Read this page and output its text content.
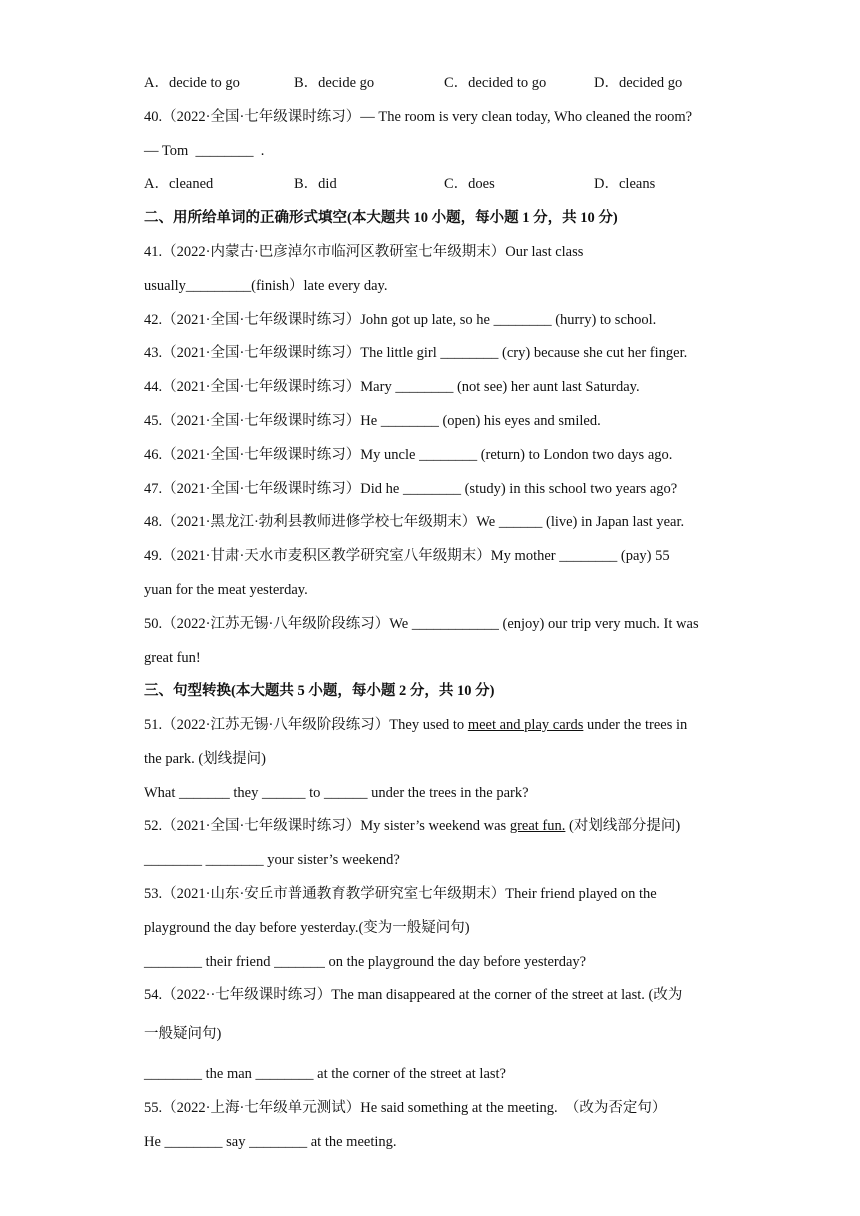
A．decide to go	B．decide go	C．decided to go	D．decided go
40.（2022·全国·七年级课时练习）— The room is very clean today, Who cleaned the room?
— Tom  ________  .
A．cleaned	B．did	C．does	D．cleans
二、用所给单词的正确形式填空(本大题共 10 小题，每小题 1 分，共 10 分)
41.（2022·内蒙古·巴彦淖尔市临河区教研室七年级期末）Our last class
usually_________(finish）late every day.
42.（2021·全国·七年级课时练习）John got up late, so he ________ (hurry) to school.
43.（2021·全国·七年级课时练习）The little girl ________ (cry) because she cut her finger.
44.（2021·全国·七年级课时练习）Mary ________ (not see) her aunt last Saturday.
45.（2021·全国·七年级课时练习）He ________ (open) his eyes and smiled.
46.（2021·全国·七年级课时练习）My uncle ________ (return) to London two days ago.
47.（2021·全国·七年级课时练习）Did he ________ (study) in this school two years ago?
48.（2021·黑龙江·勃利县教师进修学校七年级期末）We ______ (live) in Japan last year.
49.（2021·甘肃·天水市麦积区教学研究室八年级期末）My mother ________ (pay) 55
yuan for the meat yesterday.
50.（2022·江苏无锡·八年级阶段练习）We ____________ (enjoy) our trip very much. It was
great fun!
三、句型转换(本大题共 5 小题，每小题 2 分，共 10 分)
51.（2022·江苏无锡·八年级阶段练习）They used to meet and play cards under the trees in
the park. (划线提问)
What _______ they ______ to ______ under the trees in the park?
52.（2021·全国·七年级课时练习）My sister’s weekend was great fun. (对划线部分提问)
________ ________ your sister’s weekend?
53.（2021·山东·安丘市普通教育教学研究室七年级期末）Their friend played on the
playground the day before yesterday.(变为一般疑问句)
________ their friend _______ on the playground the day before yesterday?
54.（2022··七年级课时练习）The man disappeared at the corner of the street at last. (改为
一般疑问句)
________ the man ________ at the corner of the street at last?
55.（2022·上海·七年级单元测试）He said something at the meeting.  （改为否定句）
He ________ say ________ at the meeting.
